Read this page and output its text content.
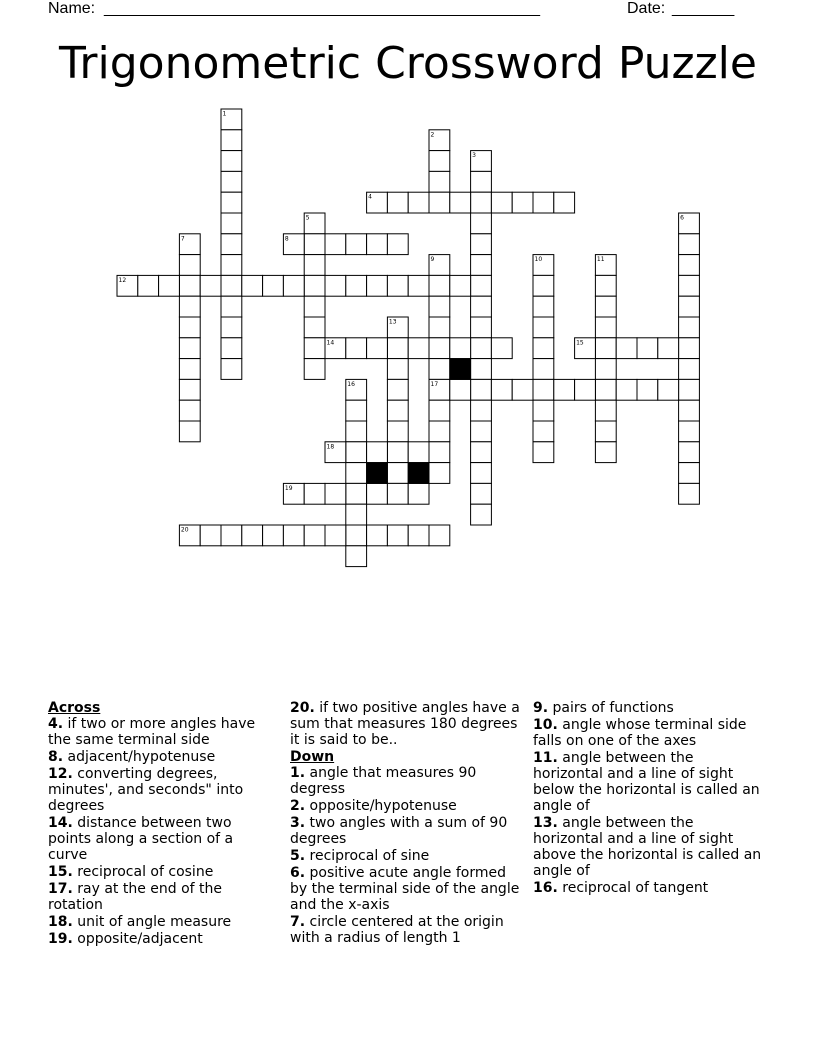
Name: _________________________________________________	Date: _______
Trigonometric Crossword Puzzle
1
2
3
4
5	6
7	8
9	10	11
12
13
14	15
16	17
18
19
20
Across
4. if two or more angles have the same terminal side
8. adjacent/hypotenuse
12. converting degrees, minutes', and seconds" into degrees
14. distance between two points along a section of a curve
15. reciprocal of cosine
17. ray at the end of the rotation
18. unit of angle measure
19. opposite/adjacent
20. if two positive angles have a sum that measures 180 degrees it is said to be..
Down
1. angle that measures 90 degress
2. opposite/hypotenuse
3. two angles with a sum of 90 degrees
5. reciprocal of sine
6. positive acute angle formed by the terminal side of the angle and the x-axis
7. circle centered at the origin with a radius of length 1
9. pairs of functions
10. angle whose terminal side falls on one of the axes
11. angle between the horizontal and a line of sight below the horizontal is called an angle of
13. angle between the horizontal and a line of sight above the horizontal is called an angle of
16. reciprocal of tangent
